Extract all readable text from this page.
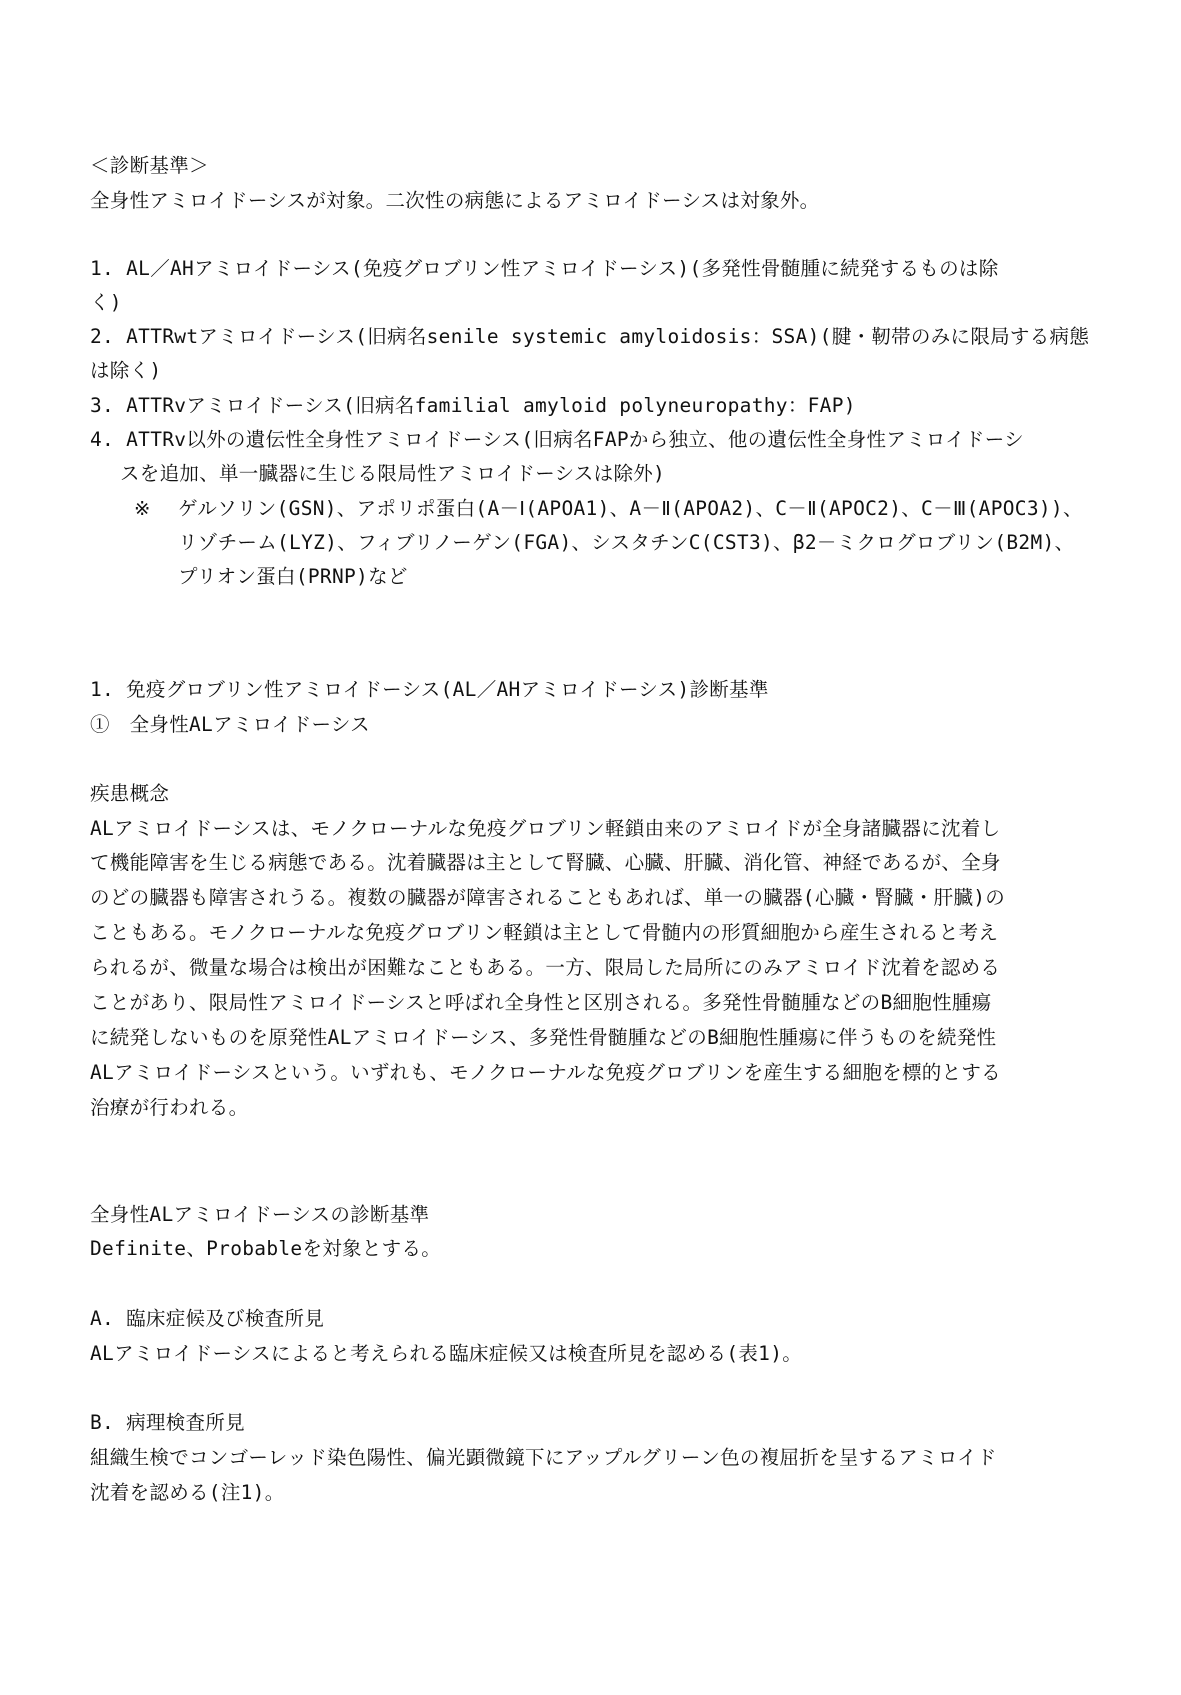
＜診断基準＞
全身性アミロイドーシスが対象。二次性の病態によるアミロイドーシスは対象外。
1. AL／AHアミロイドーシス(免疫グロブリン性アミロイドーシス)(多発性骨髄腫に続発するものは除
く)
2. ATTRwtアミロイドーシス(旧病名senile systemic amyloidosis：SSA)(腱・靭帯のみに限局する病態
は除く)
3. ATTRvアミロイドーシス(旧病名familial amyloid polyneuropathy：FAP)
4. ATTRv以外の遺伝性全身性アミロイドーシス(旧病名FAPから独立、他の遺伝性全身性アミロイドーシ
スを追加、単一臓器に生じる限局性アミロイドーシスは除外)
※	ゲルソリン(GSN)、アポリポ蛋白(A－Ⅰ(APOA1)、A－Ⅱ(APOA2)、C－Ⅱ(APOC2)、C－Ⅲ(APOC3))、
リゾチーム(LYZ)、フィブリノーゲン(FGA)、シスタチンC(CST3)、β2－ミクログロブリン(B2M)、
プリオン蛋白(PRNP)など
1. 免疫グロブリン性アミロイドーシス(AL／AHアミロイドーシス)診断基準
①　全身性ALアミロイドーシス
疾患概念
ALアミロイドーシスは、モノクローナルな免疫グロブリン軽鎖由来のアミロイドが全身諸臓器に沈着し
て機能障害を生じる病態である。沈着臓器は主として腎臓、心臓、肝臓、消化管、神経であるが、全身
のどの臓器も障害されうる。複数の臓器が障害されることもあれば、単一の臓器(心臓・腎臓・肝臓)の
こともある。モノクローナルな免疫グロブリン軽鎖は主として骨髄内の形質細胞から産生されると考え
られるが、微量な場合は検出が困難なこともある。一方、限局した局所にのみアミロイド沈着を認める
ことがあり、限局性アミロイドーシスと呼ばれ全身性と区別される。多発性骨髄腫などのB細胞性腫瘍
に続発しないものを原発性ALアミロイドーシス、多発性骨髄腫などのB細胞性腫瘍に伴うものを続発性
ALアミロイドーシスという。いずれも、モノクローナルな免疫グロブリンを産生する細胞を標的とする
治療が行われる。
全身性ALアミロイドーシスの診断基準
Definite、Probableを対象とする。
A. 臨床症候及び検査所見
ALアミロイドーシスによると考えられる臨床症候又は検査所見を認める(表1)。
B. 病理検査所見
組織生検でコンゴーレッド染色陽性、偏光顕微鏡下にアップルグリーン色の複屈折を呈するアミロイド
沈着を認める(注1)。
